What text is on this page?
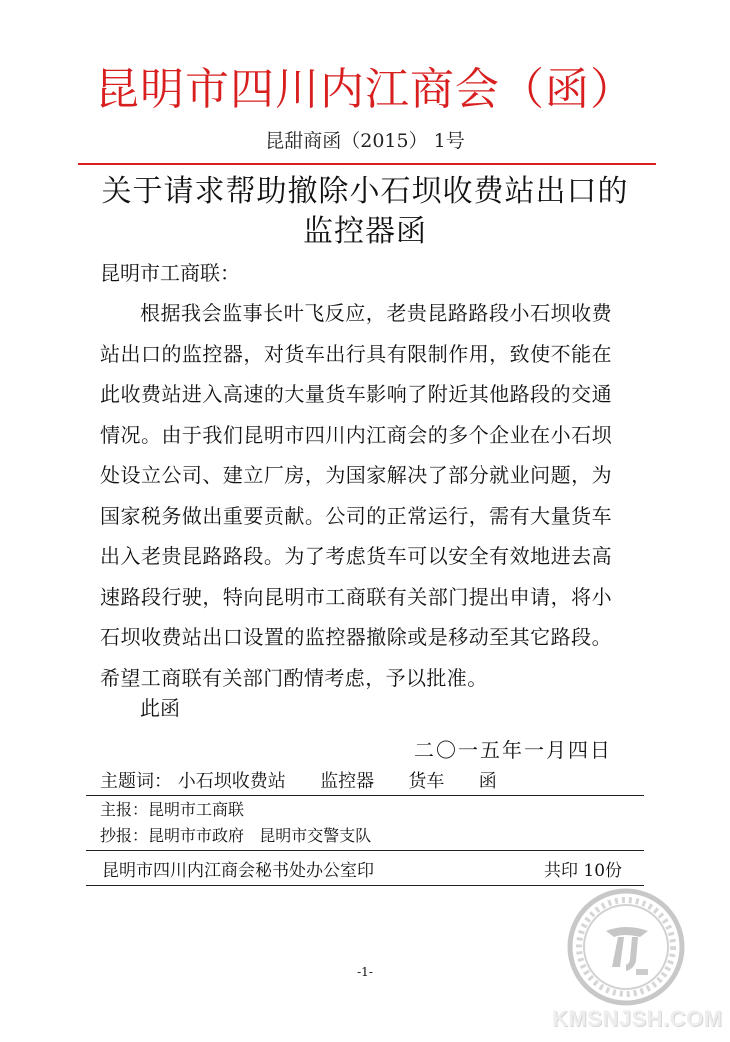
昆明市四川内江商会（函）
昆甜商函（2015） 1号
关于请求帮助撤除小石坝收费站出口的
监控器函
昆明市工商联：
根据我会监事长叶飞反应，老贵昆路路段小石坝收费站出口的监控器，对货车出行具有限制作用，致使不能在此收费站进入高速的大量货车影响了附近其他路段的交通情况。由于我们昆明市四川内江商会的多个企业在小石坝处设立公司、建立厂房，为国家解决了部分就业问题，为国家税务做出重要贡献。公司的正常运行，需有大量货车出入老贵昆路路段。为了考虑货车可以安全有效地进去高速路段行驶，特向昆明市工商联有关部门提出申请，将小石坝收费站出口设置的监控器撤除或是移动至其它路段。希望工商联有关部门酌情考虑，予以批准。
此函
二〇一五年一月四日
主题词： 小石坝收费站 监控器 货车 函
主报：昆明市工商联
抄报：昆明市市政府 昆明市交警支队
昆明市四川内江商会秘书处办公室印	共印 10份
-1-
KMSNJSH.COM
